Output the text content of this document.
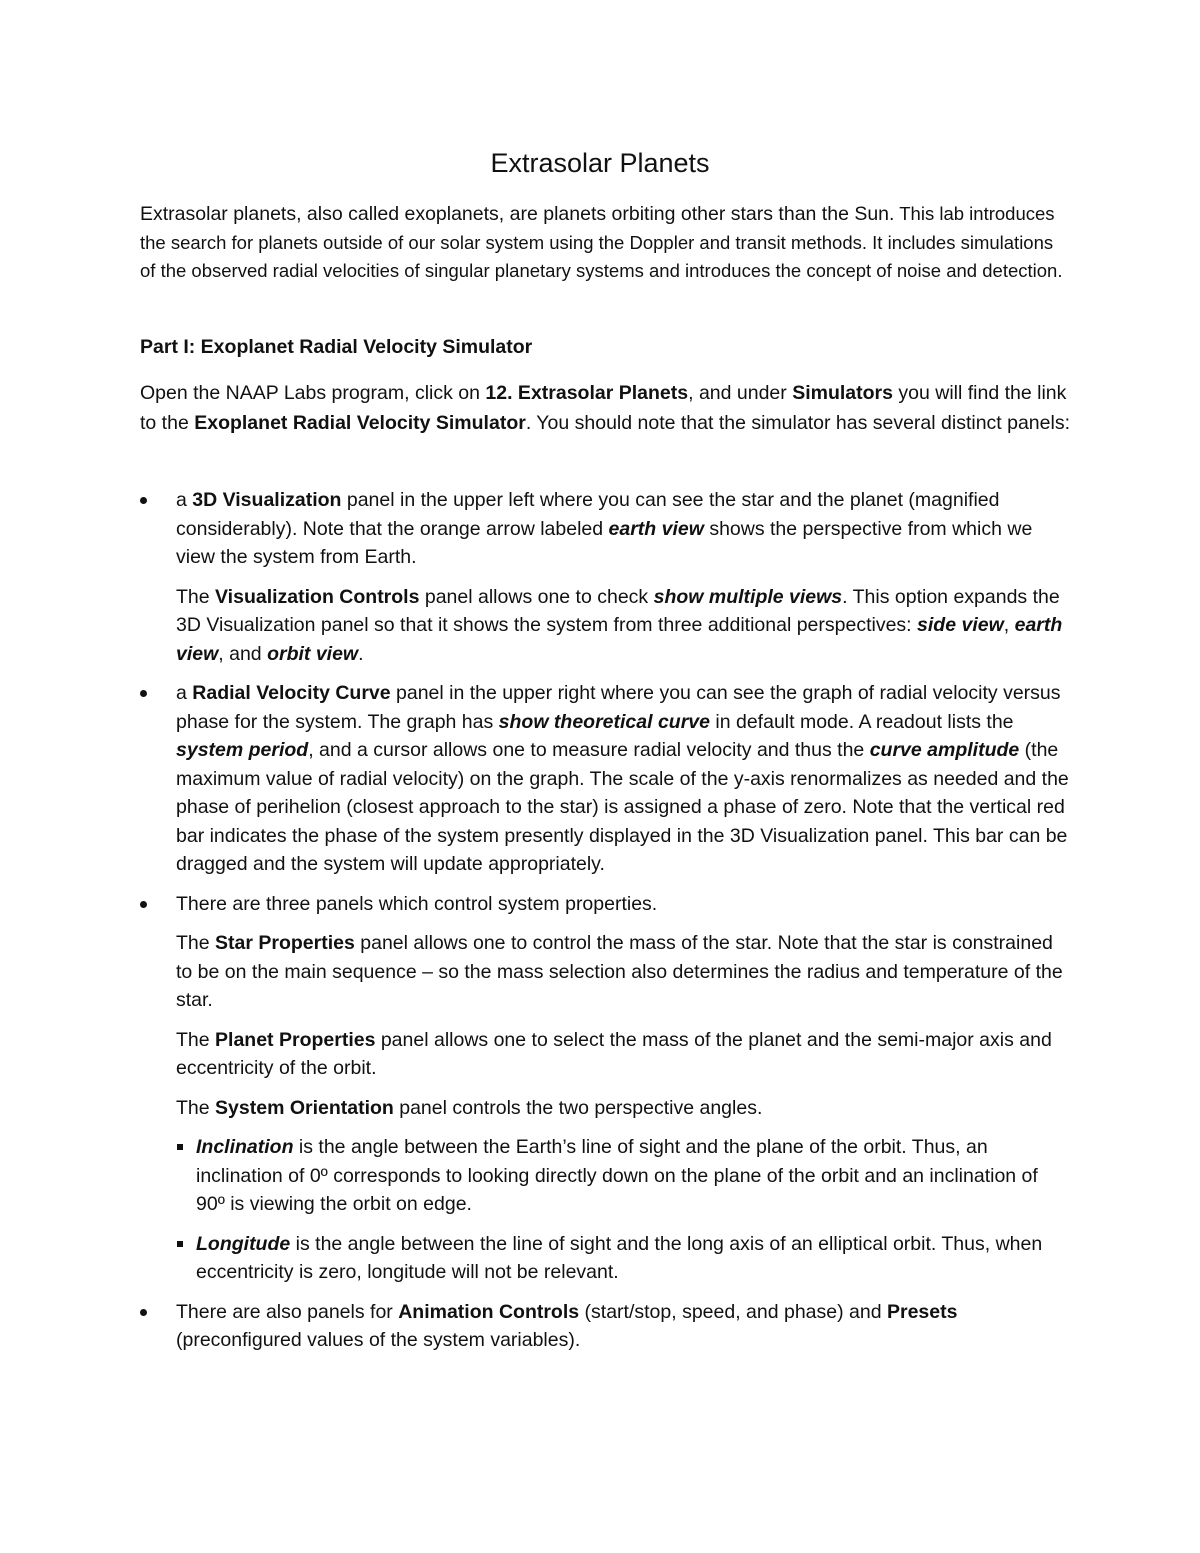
Extrasolar Planets

Extrasolar planets, also called exoplanets, are planets orbiting other stars than the Sun. This lab introduces the search for planets outside of our solar system using the Doppler and transit methods. It includes simulations of the observed radial velocities of singular planetary systems and introduces the concept of noise and detection.

Part I: Exoplanet Radial Velocity Simulator

Open the NAAP Labs program, click on 12. Extrasolar Planets, and under Simulators you will find the link to the Exoplanet Radial Velocity Simulator. You should note that the simulator has several distinct panels:

a 3D Visualization panel in the upper left where you can see the star and the planet (magnified considerably). Note that the orange arrow labeled earth view shows the perspective from which we view the system from Earth.

The Visualization Controls panel allows one to check show multiple views. This option expands the 3D Visualization panel so that it shows the system from three additional perspectives: side view, earth view, and orbit view.

a Radial Velocity Curve panel in the upper right where you can see the graph of radial velocity versus phase for the system. The graph has show theoretical curve in default mode. A readout lists the system period, and a cursor allows one to measure radial velocity and thus the curve amplitude (the maximum value of radial velocity) on the graph. The scale of the y-axis renormalizes as needed and the phase of perihelion (closest approach to the star) is assigned a phase of zero. Note that the vertical red bar indicates the phase of the system presently displayed in the 3D Visualization panel. This bar can be dragged and the system will update appropriately.

There are three panels which control system properties.

The Star Properties panel allows one to control the mass of the star. Note that the star is constrained to be on the main sequence – so the mass selection also determines the radius and temperature of the star.

The Planet Properties panel allows one to select the mass of the planet and the semi-major axis and eccentricity of the orbit.

The System Orientation panel controls the two perspective angles.

Inclination is the angle between the Earth’s line of sight and the plane of the orbit. Thus, an inclination of 0º corresponds to looking directly down on the plane of the orbit and an inclination of 90º is viewing the orbit on edge.
Longitude is the angle between the line of sight and the long axis of an elliptical orbit. Thus, when eccentricity is zero, longitude will not be relevant.

There are also panels for Animation Controls (start/stop, speed, and phase) and Presets (preconfigured values of the system variables).
